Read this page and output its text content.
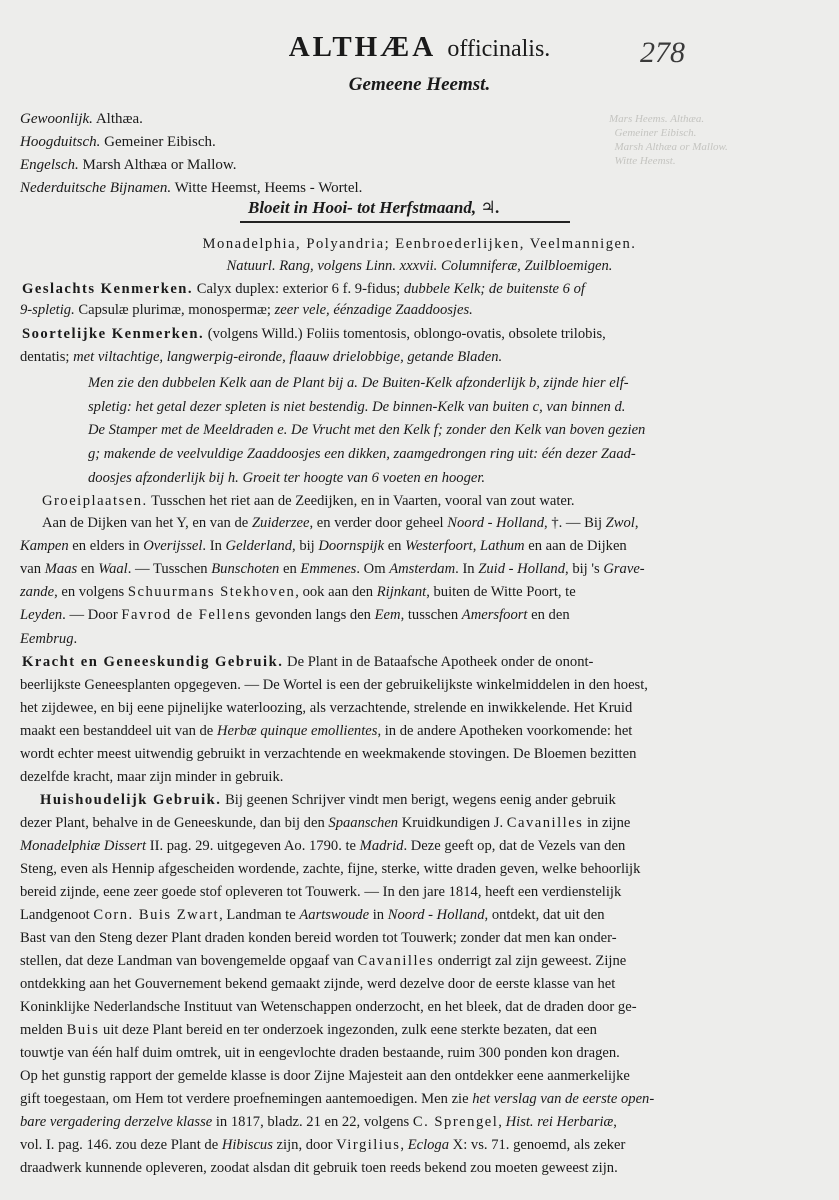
Mars Heems. Althæa.
Gemeiner Eibisch.
Marsh Althæa or Mallow.
Witte Heemst.
ALTHÆA officinalis.	278
Gemeene Heemst.
Gewoonlijk. Althæa.
Hoogduitsch. Gemeiner Eibisch.
Engelsch. Marsh Althæa or Mallow.
Nederduitsche Bijnamen. Witte Heemst, Heems - Wortel.
Bloeit in Hooi- tot Herfstmaand, ♃.
Monadelphia, Polyandria; Eenbroederlijken, Veelmannigen.
Natuurl. Rang, volgens Linn. xxxvii. Columniferæ, Zuilbloemigen.
Geslachts Kenmerken. Calyx duplex: exterior 6 f. 9-fidus; dubbele Kelk; de buitenste 6 of
9-spletig. Capsulæ plurimæ, monospermæ; zeer vele, éénzadige Zaaddoosjes.
Soortelijke Kenmerken. (volgens Willd.) Foliis tomentosis, oblongo-ovatis, obsolete trilobis,
dentatis; met viltachtige, langwerpig-eironde, flaauw drielobbige, getande Bladen.
Men zie den dubbelen Kelk aan de Plant bij a. De Buiten-Kelk afzonderlijk b, zijnde hier elf-
spletig: het getal dezer spleten is niet bestendig. De binnen-Kelk van buiten c, van binnen d.
De Stamper met de Meeldraden e. De Vrucht met den Kelk f; zonder den Kelk van boven gezien
g; makende de veelvuldige Zaaddoosjes een dikken, zaamgedrongen ring uit: één dezer Zaad-
doosjes afzonderlijk bij h. Groeit ter hoogte van 6 voeten en hooger.
Groeiplaatsen. Tusschen het riet aan de Zeedijken, en in Vaarten, vooral van zout water.
Aan de Dijken van het Y, en van de Zuiderzee, en verder door geheel Noord - Holland, †. — Bij Zwol,
Kampen en elders in Overijssel. In Gelderland, bij Doornspijk en Westerfoort, Lathum en aan de Dijken
van Maas en Waal. — Tusschen Bunschoten en Emmenes. Om Amsterdam. In Zuid - Holland, bij 's Grave-
zande, en volgens Schuurmans Stekhoven, ook aan den Rijnkant, buiten de Witte Poort, te
Leyden. — Door Favrod de Fellens gevonden langs den Eem, tusschen Amersfoort en den
Eembrug.
Kracht en Geneeskundig Gebruik. De Plant in de Bataafsche Apotheek onder de onont-
beerlijkste Geneesplanten opgegeven. — De Wortel is een der gebruikelijkste winkelmiddelen in den hoest,
het zijdewee, en bij eene pijnelijke waterloozing, als verzachtende, strelende en inwikkelende. Het Kruid
maakt een bestanddeel uit van de Herbæ quinque emollientes, in de andere Apotheken voorkomende: het
wordt echter meest uitwendig gebruikt in verzachtende en weekmakende stovingen. De Bloemen bezitten
dezelfde kracht, maar zijn minder in gebruik.
Huishoudelijk Gebruik. Bij geenen Schrijver vindt men berigt, wegens eenig ander gebruik
dezer Plant, behalve in de Geneeskunde, dan bij den Spaanschen Kruidkundigen J. Cavanilles in zijne
Monadelphiæ Dissert II. pag. 29. uitgegeven Ao. 1790. te Madrid. Deze geeft op, dat de Vezels van den
Steng, even als Hennip afgescheiden wordende, zachte, fijne, sterke, witte draden geven, welke behoorlijk
bereid zijnde, eene zeer goede stof opleveren tot Touwerk. — In den jare 1814, heeft een verdienstelijk
Landgenoot Corn. Buis Zwart, Landman te Aartswoude in Noord - Holland, ontdekt, dat uit den
Bast van den Steng dezer Plant draden konden bereid worden tot Touwerk; zonder dat men kan onder-
stellen, dat deze Landman van bovengemelde opgaaf van Cavanilles onderrigt zal zijn geweest. Zijne
ontdekking aan het Gouvernement bekend gemaakt zijnde, werd dezelve door de eerste klasse van het
Koninklijke Nederlandsche Instituut van Wetenschappen onderzocht, en het bleek, dat de draden door ge-
melden Buis uit deze Plant bereid en ter onderzoek ingezonden, zulk eene sterkte bezaten, dat een
touwtje van één half duim omtrek, uit in eengevlochte draden bestaande, ruim 300 ponden kon dragen.
Op het gunstig rapport der gemelde klasse is door Zijne Majesteit aan den ontdekker eene aanmerkelijke
gift toegestaan, om Hem tot verdere proefnemingen aantemoedigen. Men zie het verslag van de eerste open-
bare vergadering derzelve klasse in 1817, bladz. 21 en 22, volgens C. Sprengel, Hist. rei Herbariæ,
vol. I. pag. 146. zou deze Plant de Hibiscus zijn, door Virgilius, Ecloga X: vs. 71. genoemd, als zeker
draadwerk kunnende opleveren, zoodat alsdan dit gebruik toen reeds bekend zou moeten geweest zijn.
